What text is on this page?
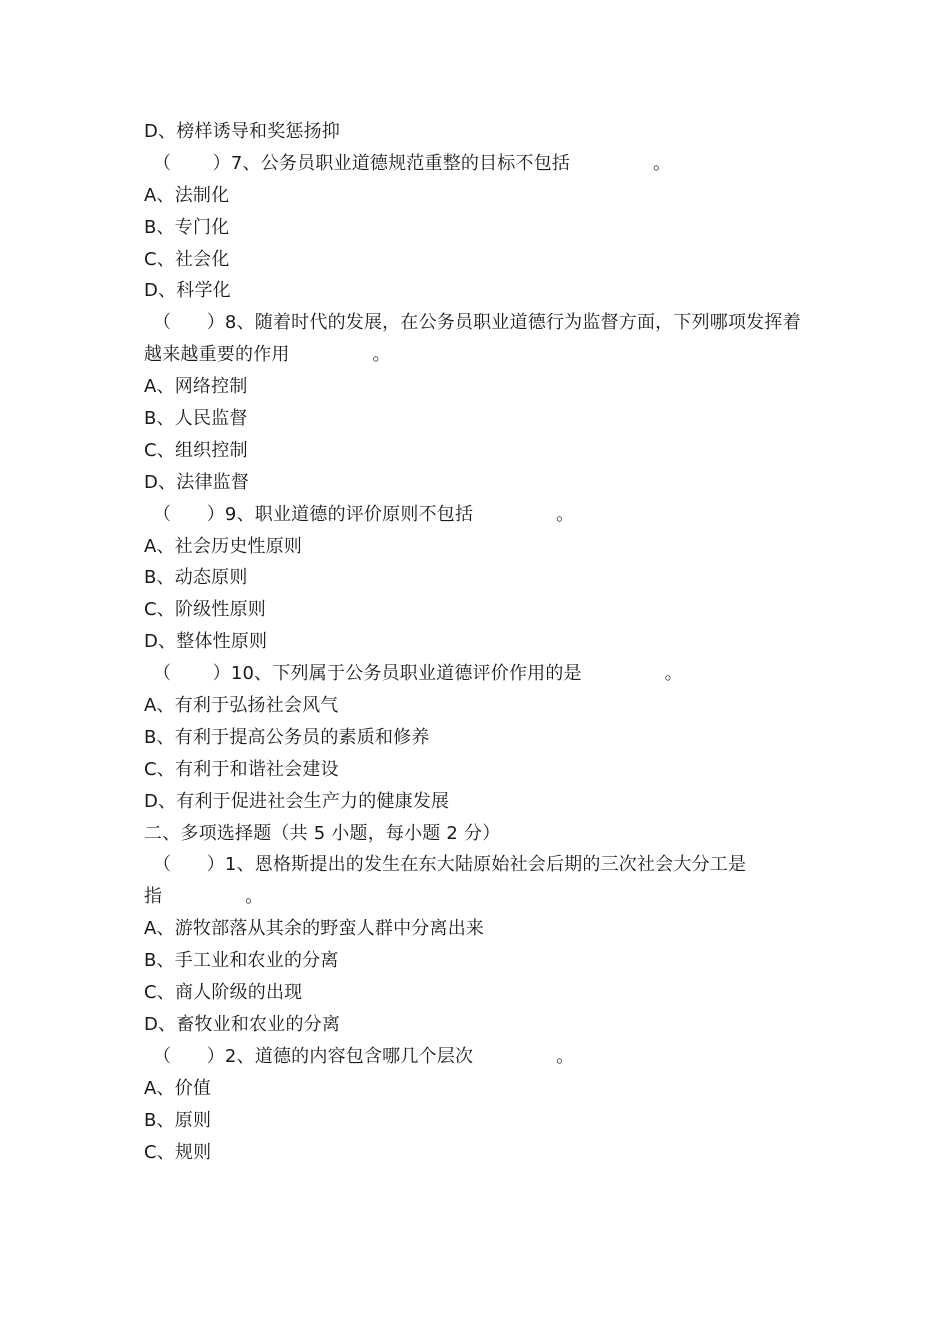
D、榜样诱导和奖惩扬抑
（       ）7、公务员职业道德规范重整的目标不包括              。
A、法制化
B、专门化
C、社会化
D、科学化
（      ）8、随着时代的发展，在公务员职业道德行为监督方面，下列哪项发挥着
越来越重要的作用              。
A、网络控制
B、人民监督
C、组织控制
D、法律监督
（      ）9、职业道德的评价原则不包括              。
A、社会历史性原则
B、动态原则
C、阶级性原则
D、整体性原则
（       ）10、下列属于公务员职业道德评价作用的是              。
A、有利于弘扬社会风气
B、有利于提高公务员的素质和修养
C、有利于和谐社会建设
D、有利于促进社会生产力的健康发展
二、多项选择题（共 5 小题，每小题 2 分）
（      ）1、恩格斯提出的发生在东大陆原始社会后期的三次社会大分工是
指              。
A、游牧部落从其余的野蛮人群中分离出来
B、手工业和农业的分离
C、商人阶级的出现
D、畜牧业和农业的分离
（      ）2、道德的内容包含哪几个层次              。
A、价值
B、原则
C、规则
